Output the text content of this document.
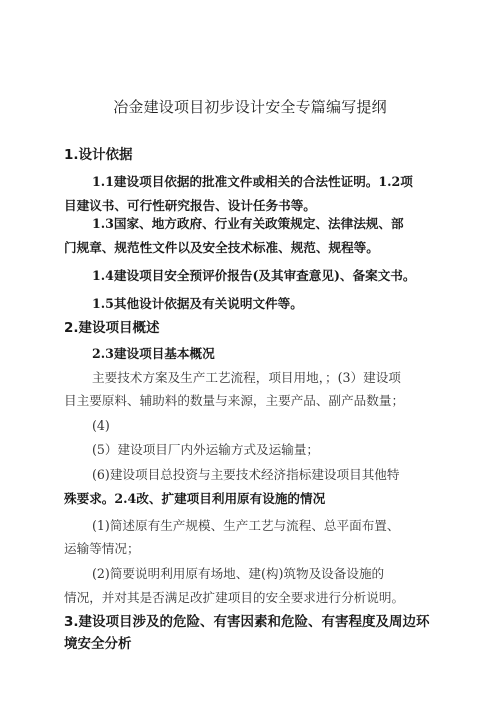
冶金建设项目初步设计安全专篇编写提纲
1.设计依据
1.1建设项目依据的批准文件或相关的合法性证明。1.2项
目建议书、可行性研究报告、设计任务书等。
1.3国家、地方政府、行业有关政策规定、法律法规、部
门规章、规范性文件以及安全技术标准、规范、规程等。
1.4建设项目安全预评价报告(及其审查意见)、备案文书。
1.5其他设计依据及有关说明文件等。
2.建设项目概述
2.3建设项目基本概况
主要技术方案及生产工艺流程，项目用地，；(3）建设项
目主要原料、辅助料的数量与来源，主要产品、副产品数量；
(4)
(5）建设项目厂内外运输方式及运输量；
(6)建设项目总投资与主要技术经济指标建设项目其他特
殊要求。2.4改、扩建项目利用原有设施的情况
(1)简述原有生产规模、生产工艺与流程、总平面布置、
运输等情况；
(2)简要说明利用原有场地、建(构)筑物及设备设施的
情况，并对其是否满足改扩建项目的安全要求进行分析说明。
3.建设项目涉及的危险、有害因素和危险、有害程度及周边环
境安全分析
